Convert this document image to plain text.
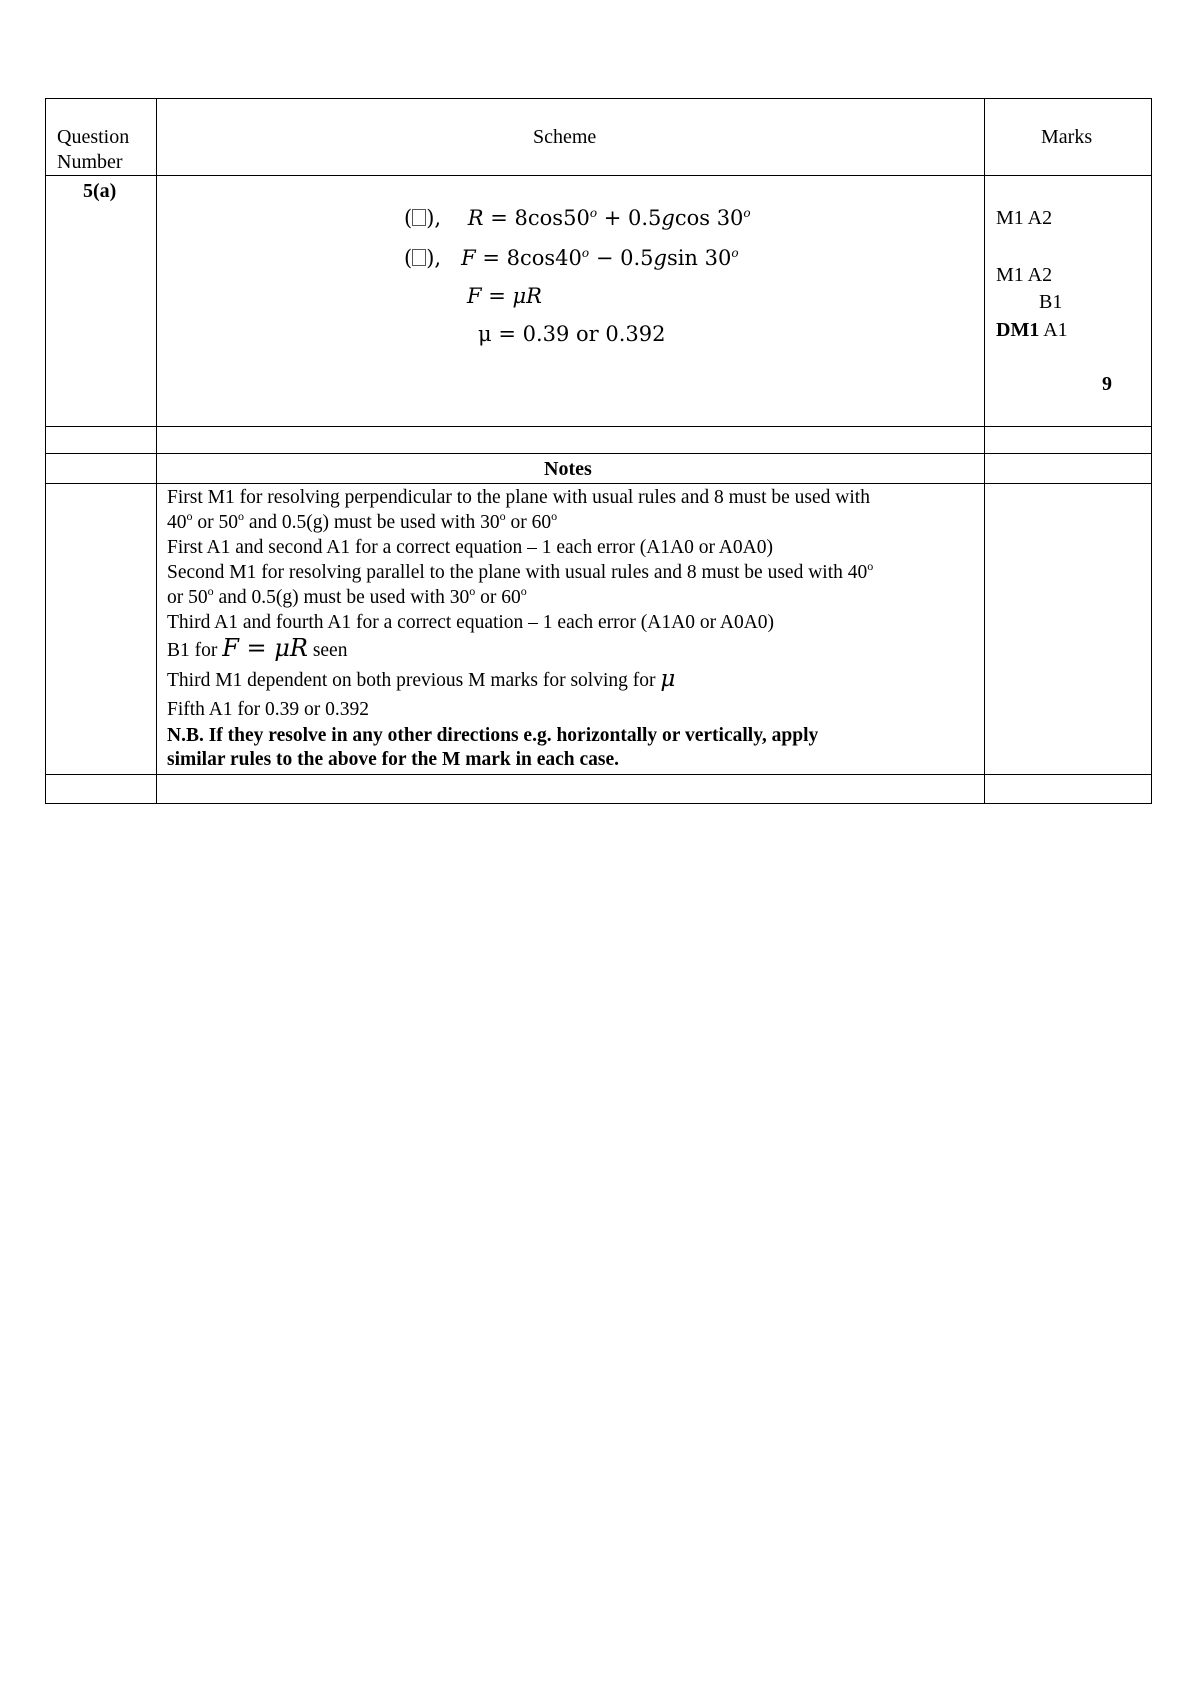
Question
Number
Scheme	Marks
5(a)
( ), $R = 8\cos 50^o + 0.5gcos$ 30$^o$
( ), $F = 8\cos 40^o - 0.5gsin$ 30$^o$
F = μR
μ = 0.39 or 0.392
M1 A2
M1 A2
B1
DM1 A1
9
Notes
First M1 for resolving perpendicular to the plane with usual rules and 8 must be used with
40$^o$ or 50$^o$ and 0.5(g) must be used with 30$^o$ or 60$^o$
First A1 and second A1 for a correct equation – 1 each error (A1A0 or A0A0)
Second M1 for resolving parallel to the plane with usual rules and 8 must be used with 40$^o$
or 50$^o$ and 0.5(g) must be used with 30$^o$ or 60$^o$
Third A1 and fourth A1 for a correct equation – 1 each error (A1A0 or A0A0)
B1 for F = μR seen
Third M1 dependent on both previous M marks for solving for μ
Fifth A1 for 0.39 or 0.392
N.B. If they resolve in any other directions e.g. horizontally or vertically, apply
similar rules to the above for the M mark in each case.
